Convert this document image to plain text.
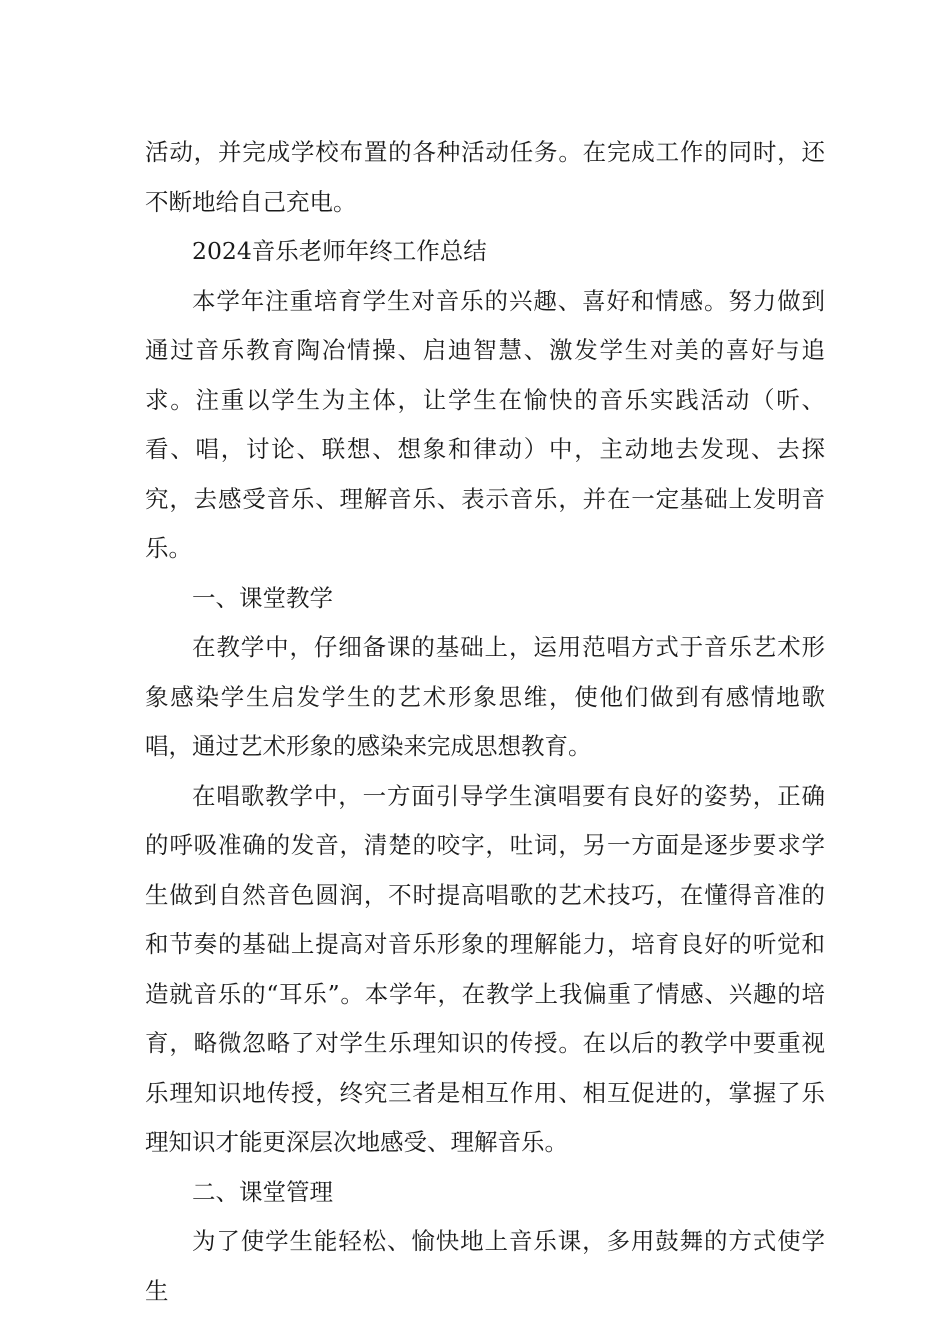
活动，并完成学校布置的各种活动任务。在完成工作的同时，还不断地给自己充电。

2024音乐老师年终工作总结

本学年注重培育学生对音乐的兴趣、喜好和情感。努力做到通过音乐教育陶冶情操、启迪智慧、激发学生对美的喜好与追求。注重以学生为主体，让学生在愉快的音乐实践活动（听、看、唱，讨论、联想、想象和律动）中，主动地去发现、去探究，去感受音乐、理解音乐、表示音乐，并在一定基础上发明音乐。

一、课堂教学

在教学中，仔细备课的基础上，运用范唱方式于音乐艺术形象感染学生启发学生的艺术形象思维，使他们做到有感情地歌唱，通过艺术形象的感染来完成思想教育。

在唱歌教学中，一方面引导学生演唱要有良好的姿势，正确的呼吸准确的发音，清楚的咬字，吐词，另一方面是逐步要求学生做到自然音色圆润，不时提高唱歌的艺术技巧，在懂得音准的和节奏的基础上提高对音乐形象的理解能力，培育良好的听觉和造就音乐的“耳乐”。本学年，在教学上我偏重了情感、兴趣的培育，略微忽略了对学生乐理知识的传授。在以后的教学中要重视乐理知识地传授，终究三者是相互作用、相互促进的，掌握了乐理知识才能更深层次地感受、理解音乐。

二、课堂管理

为了使学生能轻松、愉快地上音乐课，多用鼓舞的方式使学生
